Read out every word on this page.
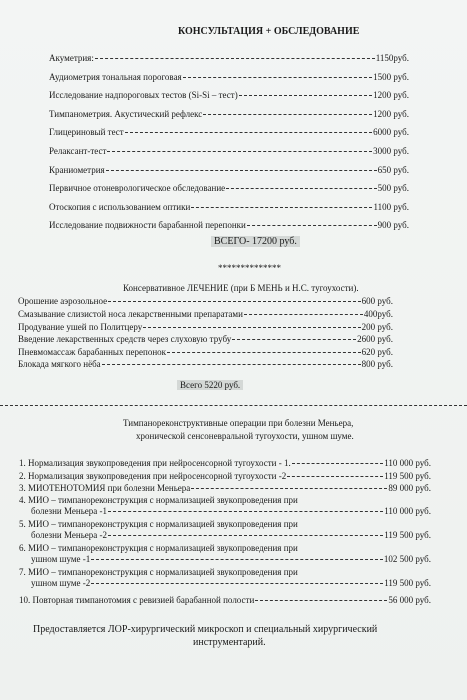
КОНСУЛЬТАЦИЯ + ОБСЛЕДОВАНИЕ
Акуметрия:	1150руб.
Аудиометрия тональная пороговая	1500 руб.
Исследование надпороговых тестов (Si-Si – тест)	1200 руб.
Тимпанометрия. Акустический рефлекс	1200 руб.
Глицериновый тест	6000 руб.
Релаксант-тест	3000 руб.
Краниометрия	650 руб.
Первичное отоневрологическое обследование	500 руб.
Отоскопия с использованием оптики	1100 руб.
Исследование подвижности барабанной перепонки	900 руб.
ВСЕГО- 17200 руб.
**************
Консервативное ЛЕЧЕНИЕ (при Б МЕНЬ и Н.С. тугоухости).
Орошение аэрозольное	600 руб.
Смазывание слизистой носа лекарственными препаратами	400руб.
Продувание ушей по Политцеру	200 руб.
Введение лекарственных средств через слуховую трубу	2600 руб.
Пневмомассаж барабанных перепонок	620 руб.
Блокада мягкого нёба	800 руб.
Всего 5220 руб.
Тимпанореконструктивные операции при болезни Меньера,
хронической сенсоневральной тугоухости, ушном шуме.
1. Нормализация звукопроведения при нейросенсорной тугоухости - 1.	110 000 руб.
2. Нормализация звукопроведения при нейросенсорной тугоухости -2	119 500 руб.
3. МИОТЕНОТОМИЯ при болезни Меньера	89 000 руб.
4. МИО – тимпанореконструкция с нормализацией звукопроведения при
болезни Меньера -1	110 000 руб.
5. МИО – тимпанореконструкция с нормализацией звукопроведения при
болезни Меньера -2	119 500 руб.
6. МИО – тимпанореконструкция с нормализацией звукопроведения при
ушном шуме -1	102 500 руб.
7. МИО – тимпанореконструкция с нормализацией звукопроведения при
ушном шуме -2	119 500 руб.
10. Повторная тимпанотомия с ревизией барабанной полости	56 000 руб.
Предоставляется ЛОР-хирургический микроскоп и специальный хирургический
инструментарий.
